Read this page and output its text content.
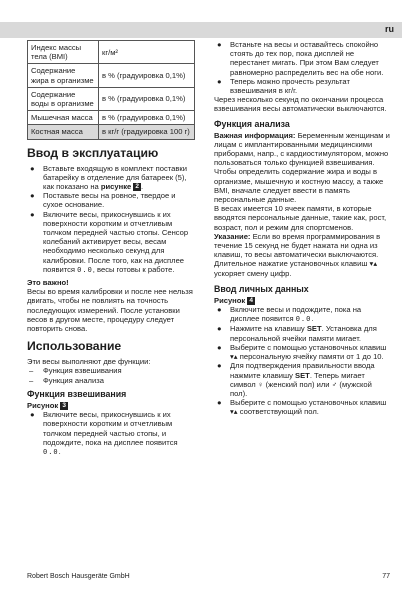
ru
Индекс массы тела (BMI)	кг/м²
Содержание жира в организме	в % (градуировка 0,1%)
Содержание воды в организме	в % (градуировка 0,1%)
Мышечная масса	в % (градуировка 0,1%)
Костная масса	в кг/г (градуировка 100 г)
Ввод в эксплуатацию
● Вставьте входящую в комплект поставки батарейку в отделение для батареек (5), как показано на рисунке 2 .
● Поставьте весы на ровное, твердое и сухое основание.
● Включите весы, прикоснувшись к их поверхности коротким и отчетливым толчком передней частью стопы. Сенсор колебаний активирует весы, весам необходимо несколько секунд для калибровки. После того, как на дисплее появится 0.0, весы готовы к работе.

Это важно!

Весы во время калибровки и после нее нельзя двигать, чтобы не повлиять на точность последующих измерений. После установки весов в другом месте, процедуру следует повторить снова.

Использование

Эти весы выполняют две функции:

– Функция взвешивания
– Функция анализа
Функция взвешивания

Рисунок 3

● Включите весы, прикоснувшись к их поверхности коротким и отчетливым толчком передней частью стопы, и подождите, пока на дисплее появится 0.0.
● Встаньте на весы и оставайтесь спокойно стоять до тех пор, пока дисплей не перестанет мигать. При этом Вам следует равномерно распределить вес на обе ноги.
● Теперь можно прочесть результат взвешивания в кг/г.

Через несколько секунд по окончании процесса взвешивания весы автоматически выключаются.

Функция анализа

Важная информация: Беременным женщинам и лицам с имплантированными медицинскими приборами, напр., с кардиостимулятором, можно пользоваться только функцией взвешивания.

Чтобы определить содержание жира и воды в организме, мышечную и костную массу, а также BMI, вначале следует ввести в память персональные данные.

В весах имеется 10 ячеек памяти, в которые вводятся персональные данные, такие как, рост, возраст, пол и режим для спортсменов.

Указание: Если во время программирования в течение 15 секунд не будет нажата ни одна из клавиш, то весы автоматически выключаются. Длительное нажатие установочных клавиш ▾▴ ускоряет смену цифр.

Ввод личных данных

Рисунок 4

● Включите весы и подождите, пока на дисплее появится 0.0.
● Нажмите на клавишу SET. Установка для персональной ячейки памяти мигает.
● Выберите с помощью установочных клавиш ▾▴ персональную ячейку памяти от 1 до 10.
● Для подтверждения правильности ввода нажмите клавишу SET. Теперь мигает символ ♀ (женский пол) или ♂ (мужской пол).
● Выберите с помощью установочных клавиш ▾▴ соответствующий пол.
Robert Bosch Hausgeräte GmbH	77
